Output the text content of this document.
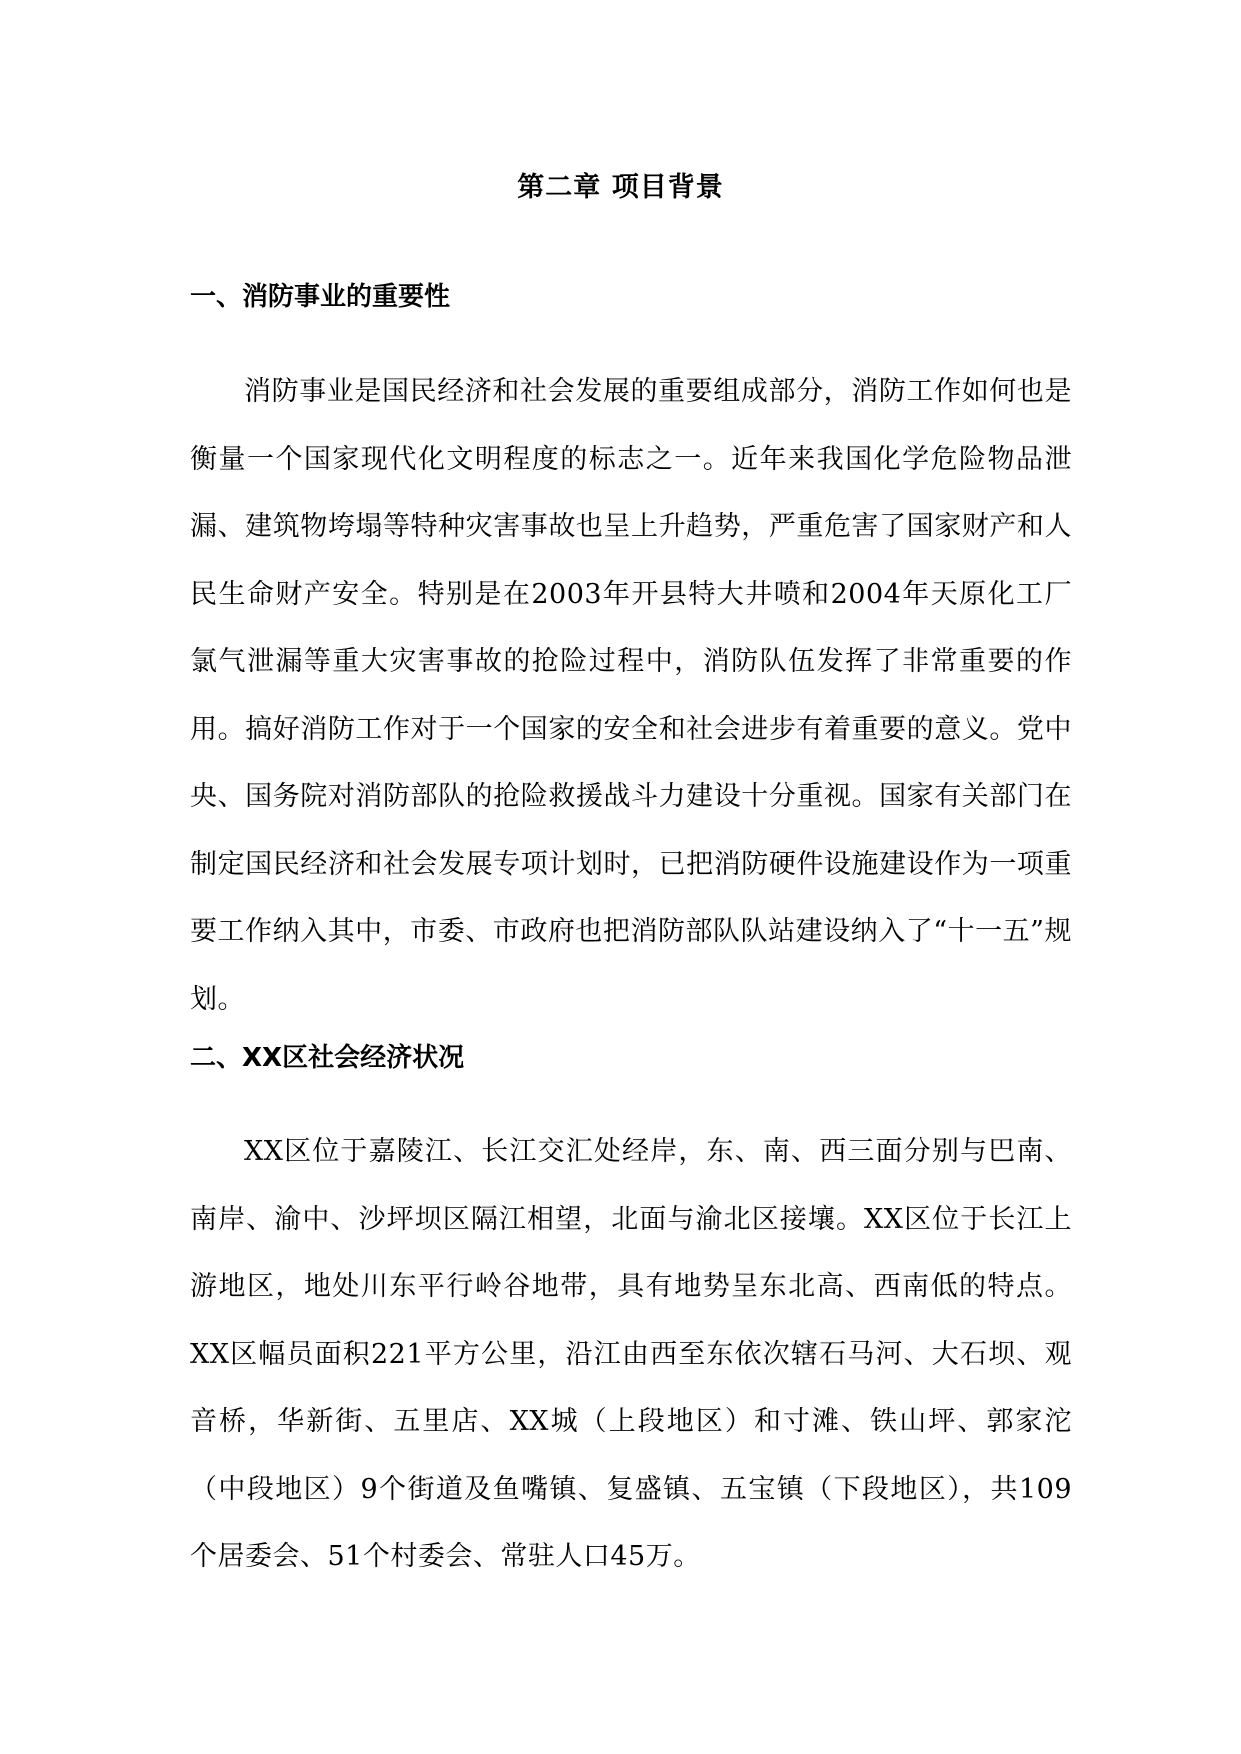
第二章 项目背景
一、消防事业的重要性

消防事业是国民经济和社会发展的重要组成部分，消防工作如何也是衡量一个国家现代化文明程度的标志之一。近年来我国化学危险物品泄漏、建筑物垮塌等特种灾害事故也呈上升趋势，严重危害了国家财产和人民生命财产安全。特别是在2003年开县特大井喷和2004年天原化工厂氯气泄漏等重大灾害事故的抢险过程中，消防队伍发挥了非常重要的作用。搞好消防工作对于一个国家的安全和社会进步有着重要的意义。党中央、国务院对消防部队的抢险救援战斗力建设十分重视。国家有关部门在制定国民经济和社会发展专项计划时，已把消防硬件设施建设作为一项重要工作纳入其中，市委、市政府也把消防部队队站建设纳入了“十一五”规划。

二、XX区社会经济状况

XX区位于嘉陵江、长江交汇处经岸，东、南、西三面分别与巴南、南岸、渝中、沙坪坝区隔江相望，北面与渝北区接壤。XX区位于长江上游地区，地处川东平行岭谷地带，具有地势呈东北高、西南低的特点。XX区幅员面积221平方公里，沿江由西至东依次辖石马河、大石坝、观音桥，华新街、五里店、XX城（上段地区）和寸滩、铁山坪、郭家沱（中段地区）9个街道及鱼嘴镇、复盛镇、五宝镇（下段地区），共109个居委会、51个村委会、常驻人口45万。
